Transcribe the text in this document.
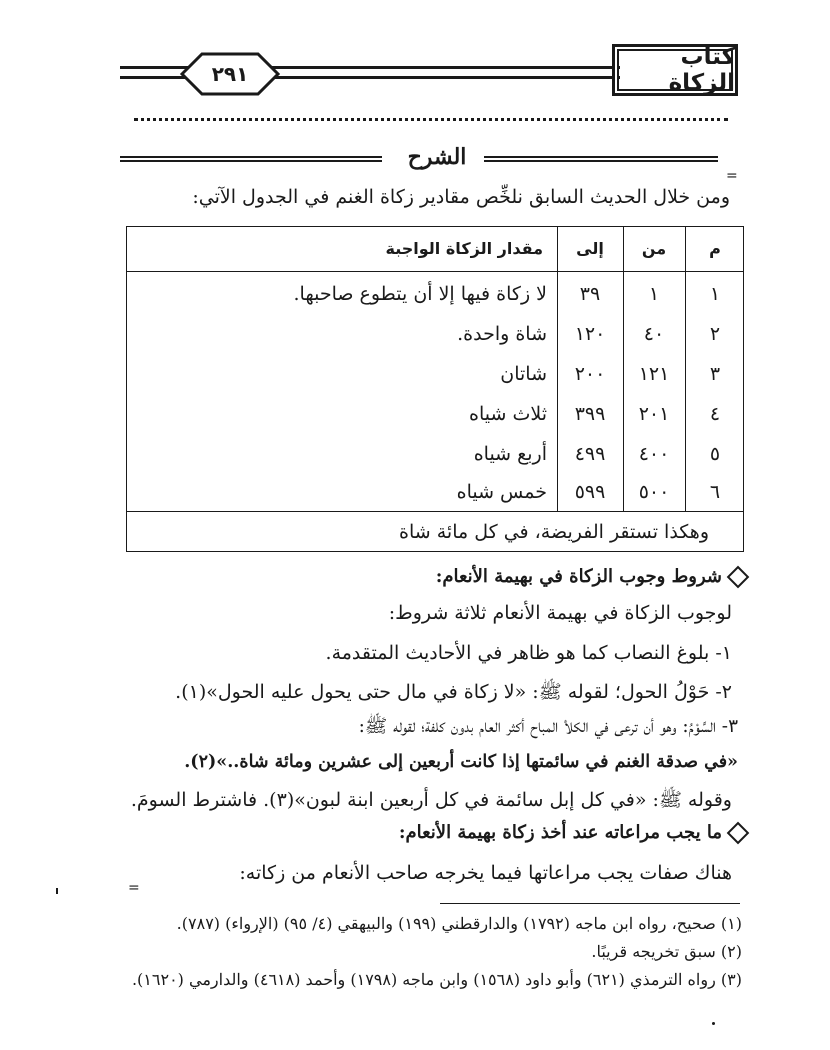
كتاب الزكاة
٢٩١
الشرح
=
ومن خلال الحديث السابق نلخِّص مقادير زكاة الغنم في الجدول الآتي:
م
من
إلى
مقدار الزكاة الواجبة
١
١
٣٩
لا زكاة فيها إلا أن يتطوع صاحبها.
٢
٤٠
١٢٠
شاة واحدة.
٣
١٢١
٢٠٠
شاتان
٤
٢٠١
٣٩٩
ثلاث شياه
٥
٤٠٠
٤٩٩
أربع شياه
٦
٥٠٠
٥٩٩
خمس شياه
وهكذا تستقر الفريضة، في كل مائة شاة
شروط وجوب الزكاة في بهيمة الأنعام:
لوجوب الزكاة في بهيمة الأنعام ثلاثة شروط:
١- بلوغ النصاب كما هو ظاهر في الأحاديث المتقدمة.
٢- حَوْلُ الحول؛ لقوله ﷺ: «لا زكاة في مال حتى يحول عليه الحول»(١).
٣- السَّوْمُ: وهو أن ترعى في الكلأ المباح أكثر العام بدون كلفة؛ لقوله ﷺ:
«في صدقة الغنم في سائمتها إذا كانت أربعين إلى عشرين ومائة شاة..»(٢).
وقوله ﷺ: «في كل إبل سائمة في كل أربعين ابنة لبون»(٣). فاشترط السومَ.
ما يجب مراعاته عند أخذ زكاة بهيمة الأنعام:
هناك صفات يجب مراعاتها فيما يخرجه صاحب الأنعام من زكاته:
=
(١) صحيح، رواه ابن ماجه (١٧٩٢) والدارقطني (١٩٩) والبيهقي (٤/ ٩٥) (الإرواء) (٧٨٧).
(٢) سبق تخريجه قريبًا.
(٣) رواه الترمذي (٦٢١) وأبو داود (١٥٦٨) وابن ماجه (١٧٩٨) وأحمد (٤٦١٨) والدارمي (١٦٢٠).
